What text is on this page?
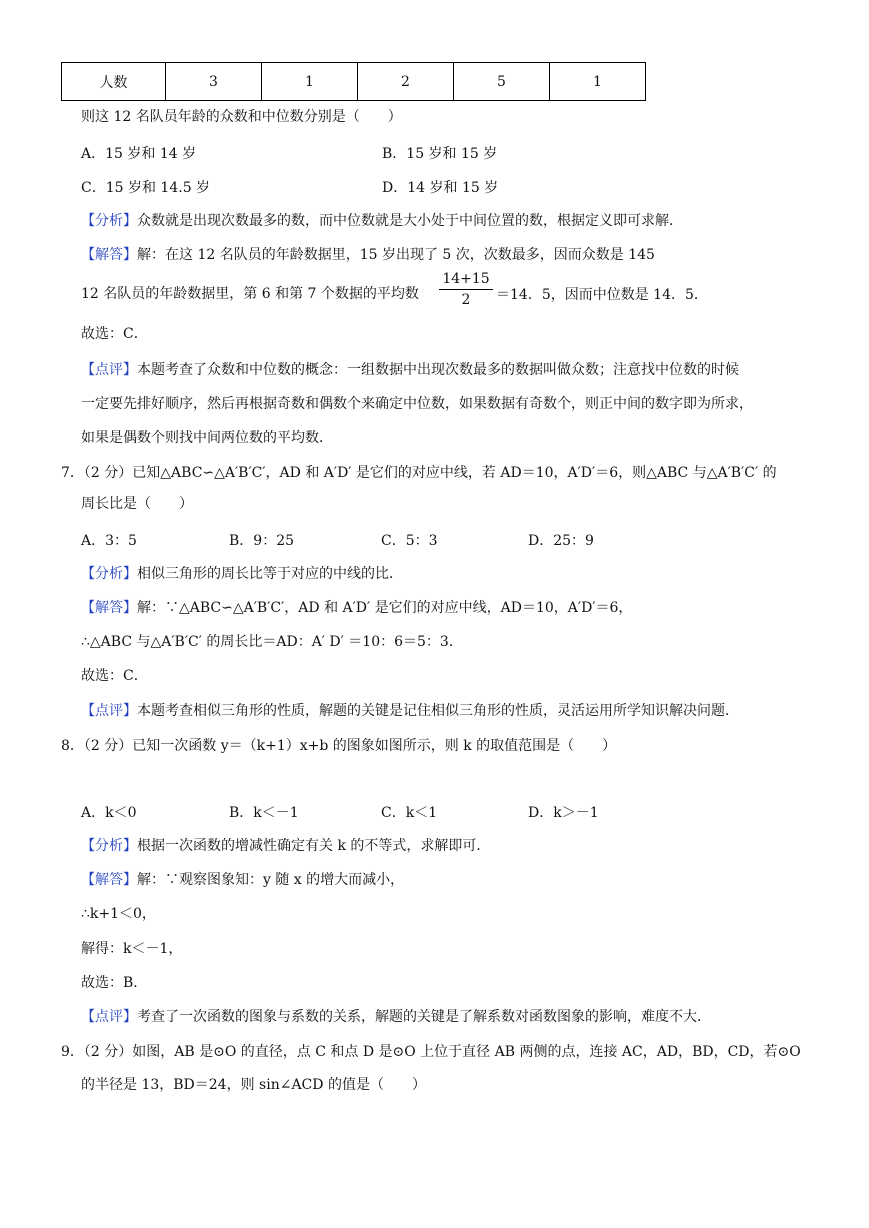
人数	3	1	2	5	1
则这 12 名队员年龄的众数和中位数分别是（　　）
A．15 岁和 14 岁	B．15 岁和 15 岁
C．15 岁和 14.5 岁	D．14 岁和 15 岁
【分析】众数就是出现次数最多的数，而中位数就是大小处于中间位置的数，根据定义即可求解．
【解答】解：在这 12 名队员的年龄数据里，15 岁出现了 5 次，次数最多，因而众数是 145
12 名队员的年龄数据里，第 6 和第 7 个数据的平均数
14+15
2	＝14．5，因而中位数是 14．5．
故选：C．
【点评】本题考查了众数和中位数的概念：一组数据中出现次数最多的数据叫做众数；注意找中位数的时候
一定要先排好顺序，然后再根据奇数和偶数个来确定中位数，如果数据有奇数个，则正中间的数字即为所求，
如果是偶数个则找中间两位数的平均数．
7．（2 分）已知△ABC∽△A′B′C′，AD 和 A′D′ 是它们的对应中线，若 AD＝10，A′D′＝6，则△ABC 与△A′B′C′ 的
周长比是（　　）
A．3：5	B．9：25	C．5：3	D．25：9
【分析】相似三角形的周长比等于对应的中线的比．
【解答】解：∵△ABC∽△A′B′C′，AD 和 A′D′ 是它们的对应中线，AD＝10，A′D′＝6，
∴△ABC 与△A′B′C′ 的周长比＝AD：A′ D′ ＝10：6＝5：3．
故选：C．
【点评】本题考查相似三角形的性质，解题的关键是记住相似三角形的性质，灵活运用所学知识解决问题．
8．（2 分）已知一次函数 y＝（k+1）x+b 的图象如图所示，则 k 的取值范围是（　　）
A．k＜0	B．k＜－1	C．k＜1	D．k＞－1
【分析】根据一次函数的增减性确定有关 k 的不等式，求解即可．
【解答】解：∵观察图象知：y 随 x 的增大而减小，
∴k+1＜0，
解得：k＜－1，
故选：B．
【点评】考查了一次函数的图象与系数的关系，解题的关键是了解系数对函数图象的影响，难度不大．
9．（2 分）如图，AB 是⊙O 的直径，点 C 和点 D 是⊙O 上位于直径 AB 两侧的点，连接 AC，AD，BD，CD，若⊙O
的半径是 13，BD＝24，则 sin∠ACD 的值是（　　）
